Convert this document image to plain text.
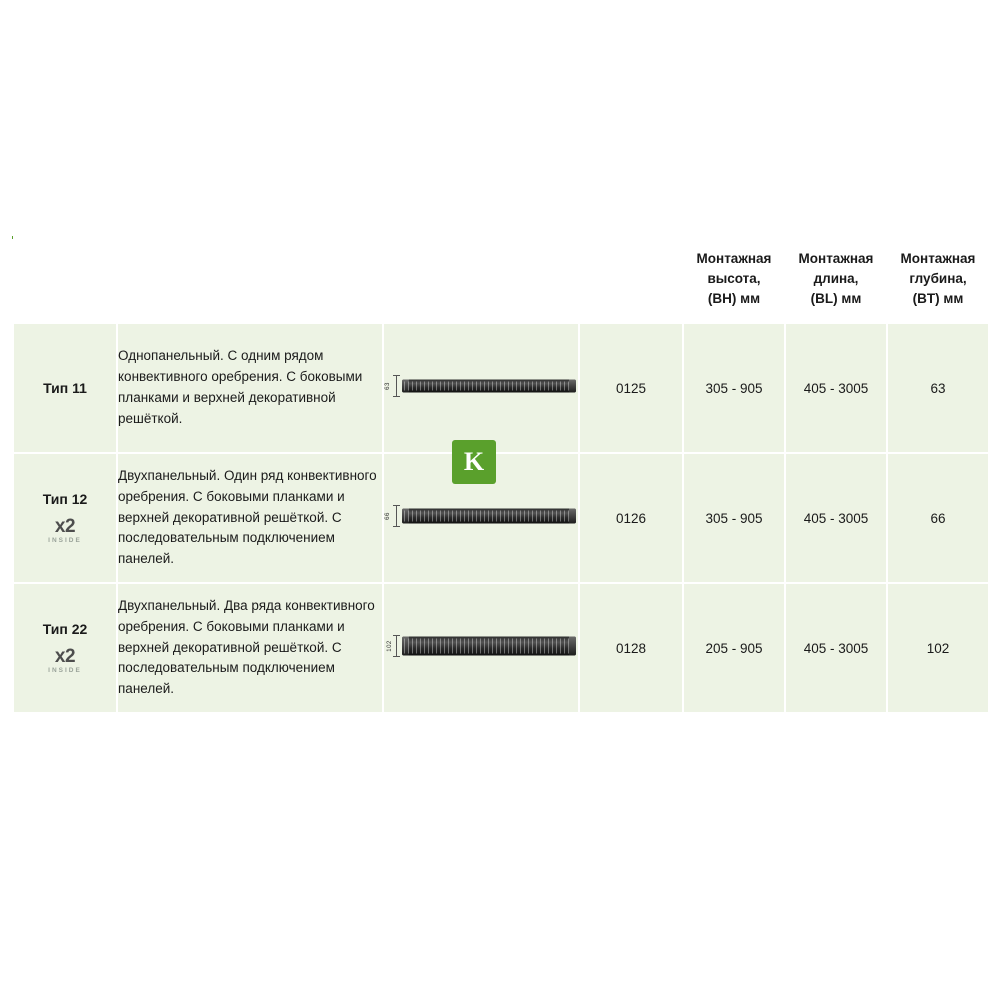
Монтажная
высота,
(BH) мм

Монтажная
длина,
(BL) мм

Монтажная
глубина,
(BT) мм

Тип 11	Однопанельный. С одним рядом конвективного оребрения. С боковыми планками и верхней декоративной решёткой.	63	0125	305 - 905	405 - 3005	63

Тип 12
x2
INSIDE	Двухпанельный. Один ряд конвективного оребрения. С боковыми планками и верхней декоративной решёткой. С последовательным подключением панелей.	66	0126	305 - 905	405 - 3005	66

Тип 22
x2
INSIDE	Двухпанельный. Два ряда конвективного оребрения. С боковыми планками и верхней декоративной решёткой. С последовательным подключением панелей.	102	0128	205 - 905	405 - 3005	102
K
